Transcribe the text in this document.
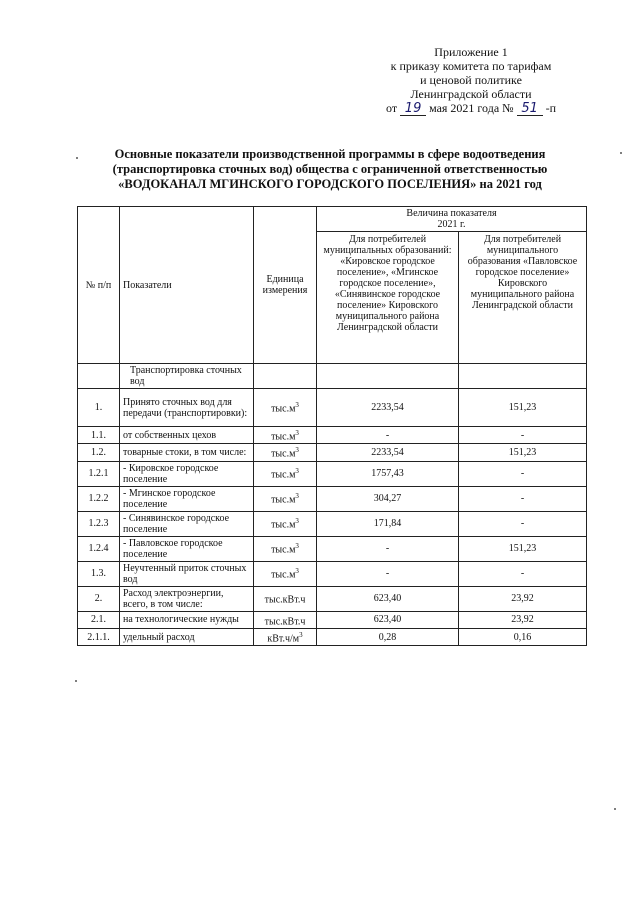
Приложение 1
к приказу комитета по тарифам
и ценовой политике
Ленинградской области
от 19 мая 2021 года № 51 -п
Основные показатели производственной программы в сфере водоотведения
(транспортировка сточных вод) общества с ограниченной ответственностью
«ВОДОКАНАЛ МГИНСКОГО ГОРОДСКОГО ПОСЕЛЕНИЯ» на 2021 год
№ п/п	Показатели	Единица измерения	Величина показателя
2021 г.	
			Для потребителей муниципальных образований: «Кировское городское поселение», «Мгинское городское поселение», «Синявинское городское поселение» Кировского муниципального района Ленинградской области	Для потребителей муниципального образования «Павловское городское поселение» Кировского муниципального района Ленинградской области
	Транспортировка сточных вод			
1.	Принято сточных вод для передачи (транспортировки):	$тыс.м^3$	2233,54	151,23
1.1.	от собственных цехов	$тыс.м^3$	-	-
1.2.	товарные стоки, в том числе:	$тыс.м^3$	2233,54	151,23
1.2.1	- Кировское городское поселение	$тыс.м^3$	1757,43	-
1.2.2	- Мгинское городское поселение	$тыс.м^3$	304,27	-
1.2.3	- Синявинское городское поселение	$тыс.м^3$	171,84	-
1.2.4	- Павловское городское поселение	$тыс.м^3$	-	151,23
1.3.	Неучтенный приток сточных вод	$тыс.м^3$	-	-
2.	Расход электроэнергии, всего, в том числе:	тыс.кВт.ч	623,40	23,92
2.1.	на технологические нужды	тыс.кВт.ч	623,40	23,92
2.1.1.	удельный расход	$кВт.ч/м^3$	0,28	0,16
